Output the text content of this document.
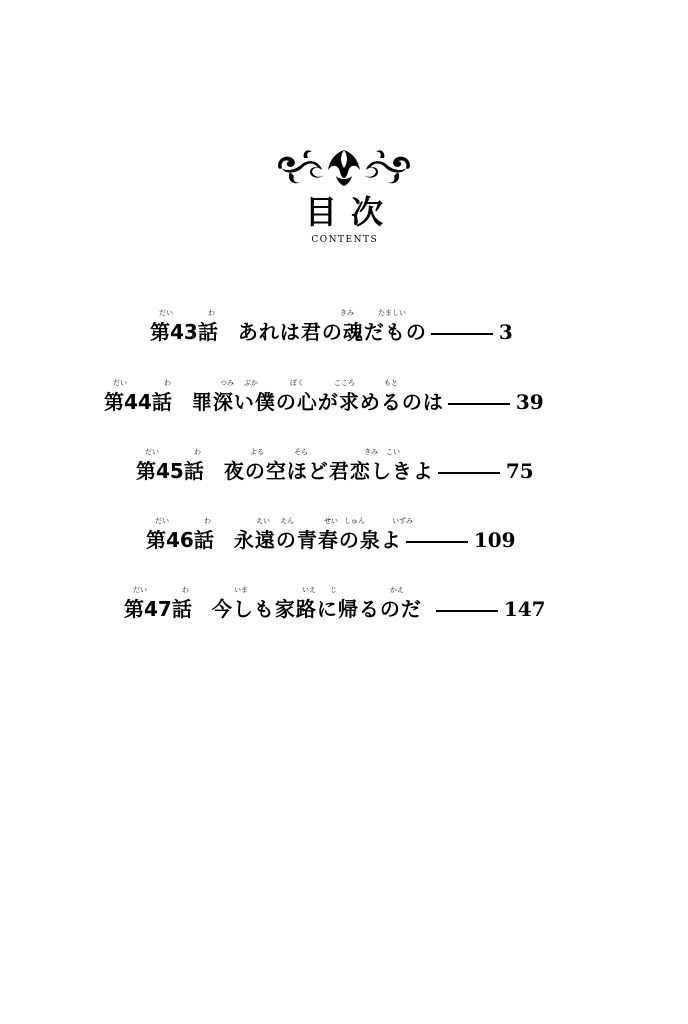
目次
CONTENTS
だい	わ	きみ	たましい
第43話 あれは君の魂だもの	3
だい	わ	つみ ぶか	ぼく	こころ	もと
第44話 罪深い僕の心が求めるのは	39
だい	わ	よる	そら	きみ こい
第45話 夜の空ほど君恋しきよ	75
だい	わ	えい えん	せい しゅん	いずみ
第46話 永遠の青春の泉よ	109
だい	わ	いま	いえ じ	かえ
第47話 今しも家路に帰るのだ	147
